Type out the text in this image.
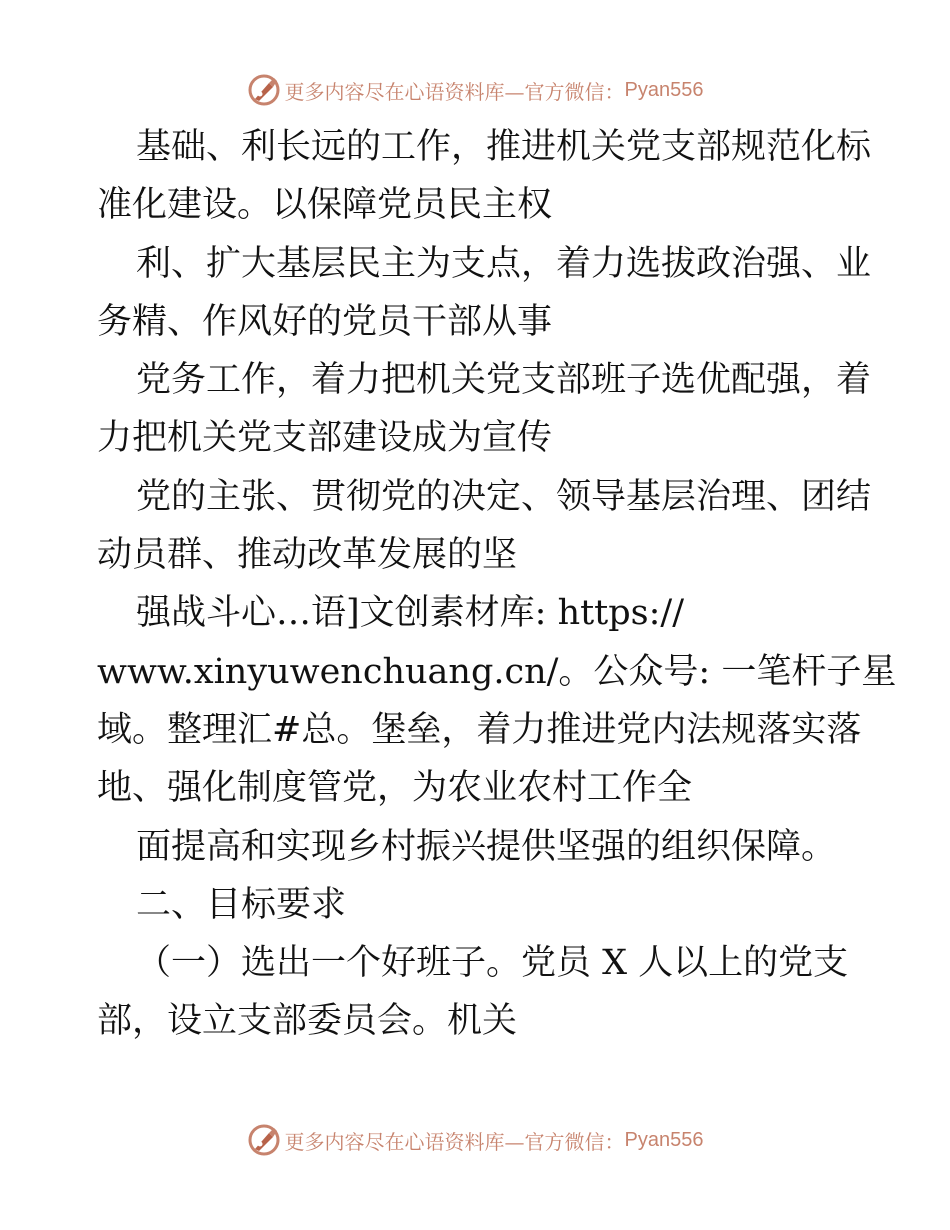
更多内容尽在心语资料库—官方微信： Pyan556
基础、利长远的工作，推进机关党支部规范化标
准化建设。以保障党员民主权
利、扩大基层民主为支点，着力选拔政治强、业
务精、作风好的党员干部从事
党务工作，着力把机关党支部班子选优配强，着
力把机关党支部建设成为宣传
党的主张、贯彻党的决定、领导基层治理、团结
动员群、推动改革发展的坚
强战斗心…语]文创素材库: https://
www.xinyuwenchuang.cn/。公众号: 一笔杆子星
域。整理汇#总。堡垒，着力推进党内法规落实落
地、强化制度管党，为农业农村工作全
面提高和实现乡村振兴提供坚强的组织保障。
二、目标要求
（一）选出一个好班子。党员 X 人以上的党支
部，设立支部委员会。机关
更多内容尽在心语资料库—官方微信： Pyan556
